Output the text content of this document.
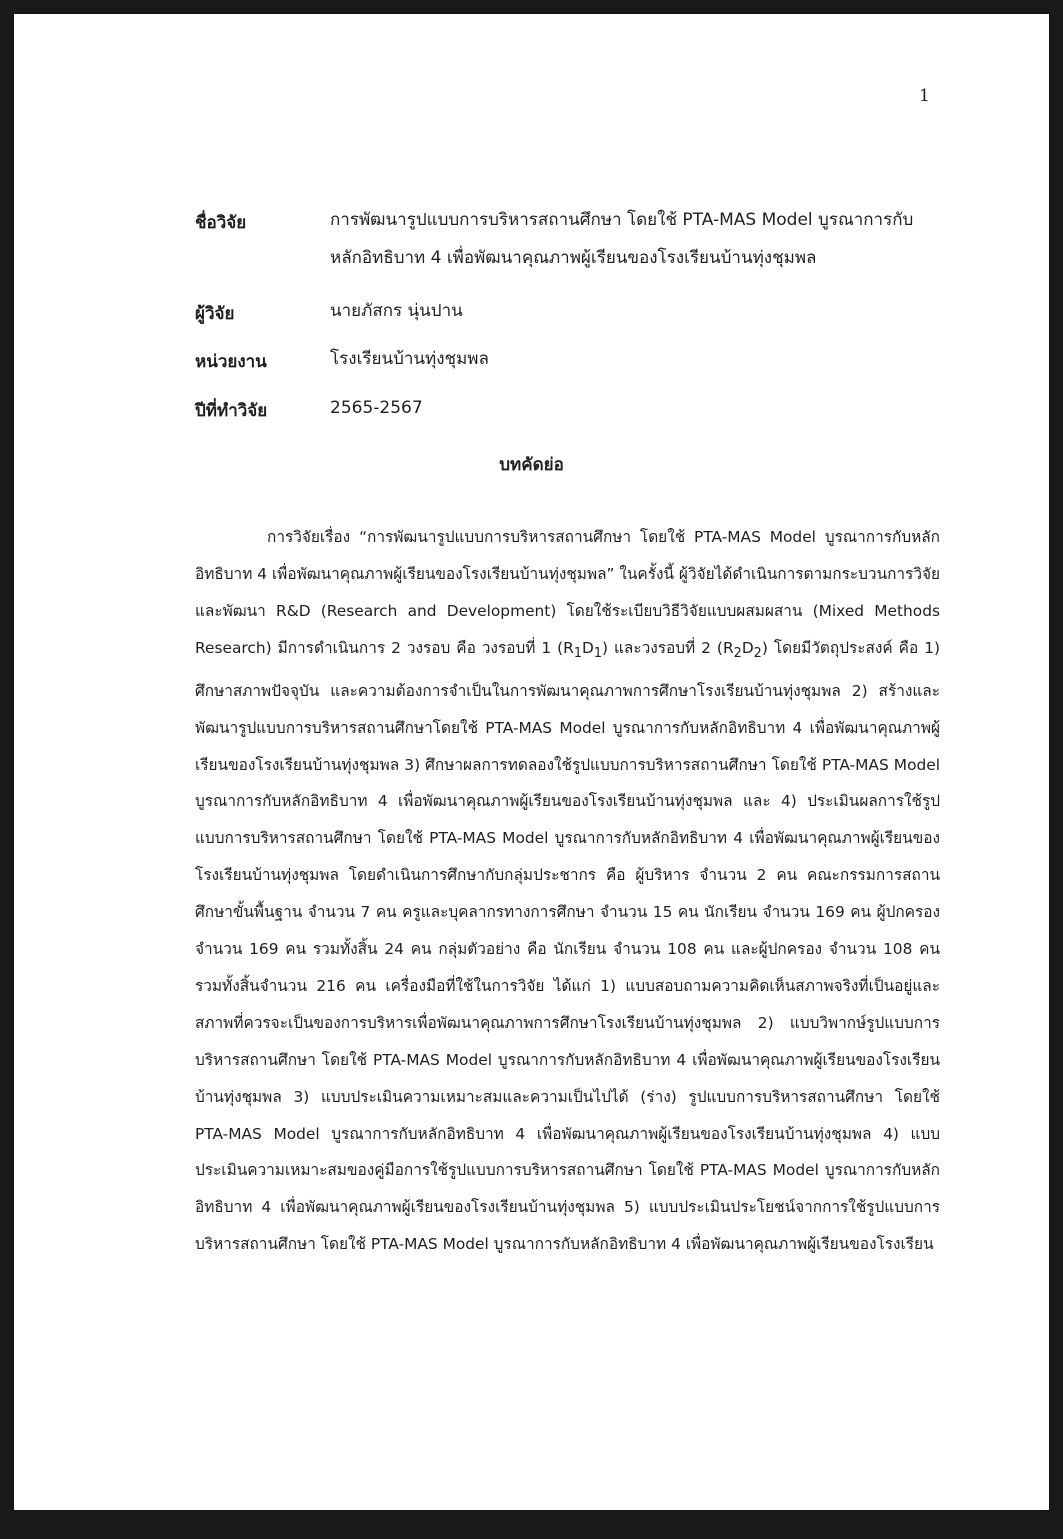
1
ชื่อวิจัย	การพัฒนารูปแบบการบริหารสถานศึกษา โดยใช้ PTA-MAS Model บูรณาการกับหลักอิทธิบาท 4 เพื่อพัฒนาคุณภาพผู้เรียนของโรงเรียนบ้านทุ่งชุมพล
ผู้วิจัย	นายภัสกร นุ่นปาน
หน่วยงาน	โรงเรียนบ้านทุ่งชุมพล
ปีที่ทำวิจัย	2565-2567
บทคัดย่อ

การวิจัยเรื่อง “การพัฒนารูปแบบการบริหารสถานศึกษา โดยใช้ PTA-MAS Model บูรณาการกับหลักอิทธิบาท 4 เพื่อพัฒนาคุณภาพผู้เรียนของโรงเรียนบ้านทุ่งชุมพล” ในครั้งนี้ ผู้วิจัยได้ดำเนินการตามกระบวนการวิจัยและพัฒนา R&D (Research and Development) โดยใช้ระเบียบวิธีวิจัยแบบผสมผสาน (Mixed Methods Research) มีการดำเนินการ 2 วงรอบ คือ วงรอบที่ 1 $(R_1D_1)$ และวงรอบที่ 2 $(R_2D_2)$ โดยมีวัตถุประสงค์ คือ 1) ศึกษาสภาพปัจจุบัน และความต้องการจำเป็นในการพัฒนาคุณภาพการศึกษาโรงเรียนบ้านทุ่งชุมพล 2) สร้างและพัฒนารูปแบบการบริหารสถานศึกษาโดยใช้ PTA-MAS Model บูรณาการกับหลักอิทธิบาท 4 เพื่อพัฒนาคุณภาพผู้เรียนของโรงเรียนบ้านทุ่งชุมพล 3) ศึกษาผลการทดลองใช้รูปแบบการบริหารสถานศึกษา โดยใช้ PTA-MAS Model บูรณาการกับหลักอิทธิบาท 4 เพื่อพัฒนาคุณภาพผู้เรียนของโรงเรียนบ้านทุ่งชุมพล และ 4) ประเมินผลการใช้รูปแบบการบริหารสถานศึกษา โดยใช้ PTA-MAS Model บูรณาการกับหลักอิทธิบาท 4 เพื่อพัฒนาคุณภาพผู้เรียนของโรงเรียนบ้านทุ่งชุมพล โดยดำเนินการศึกษากับกลุ่มประชากร คือ ผู้บริหาร จำนวน 2 คน คณะกรรมการสถานศึกษาขั้นพื้นฐาน จำนวน 7 คน ครูและบุคลากรทางการศึกษา จำนวน 15 คน นักเรียน จำนวน 169 คน ผู้ปกครอง จำนวน 169 คน รวมทั้งสิ้น 24 คน กลุ่มตัวอย่าง คือ นักเรียน จำนวน 108 คน และผู้ปกครอง จำนวน 108 คน รวมทั้งสิ้นจำนวน 216 คน เครื่องมือที่ใช้ในการวิจัย ได้แก่ 1) แบบสอบถามความคิดเห็นสภาพจริงที่เป็นอยู่และสภาพที่ควรจะเป็นของการบริหารเพื่อพัฒนาคุณภาพการศึกษาโรงเรียนบ้านทุ่งชุมพล 2) แบบวิพากษ์รูปแบบการบริหารสถานศึกษา โดยใช้ PTA-MAS Model บูรณาการกับหลักอิทธิบาท 4 เพื่อพัฒนาคุณภาพผู้เรียนของโรงเรียนบ้านทุ่งชุมพล 3) แบบประเมินความเหมาะสมและความเป็นไปได้ (ร่าง) รูปแบบการบริหารสถานศึกษา โดยใช้ PTA-MAS Model บูรณาการกับหลักอิทธิบาท 4 เพื่อพัฒนาคุณภาพผู้เรียนของโรงเรียนบ้านทุ่งชุมพล 4) แบบประเมินความเหมาะสมของคู่มือการใช้รูปแบบการบริหารสถานศึกษา โดยใช้ PTA-MAS Model บูรณาการกับหลักอิทธิบาท 4 เพื่อพัฒนาคุณภาพผู้เรียนของโรงเรียนบ้านทุ่งชุมพล 5) แบบประเมินประโยชน์จากการใช้รูปแบบการบริหารสถานศึกษา โดยใช้ PTA-MAS Model บูรณาการกับหลักอิทธิบาท 4 เพื่อพัฒนาคุณภาพผู้เรียนของโรงเรียน
